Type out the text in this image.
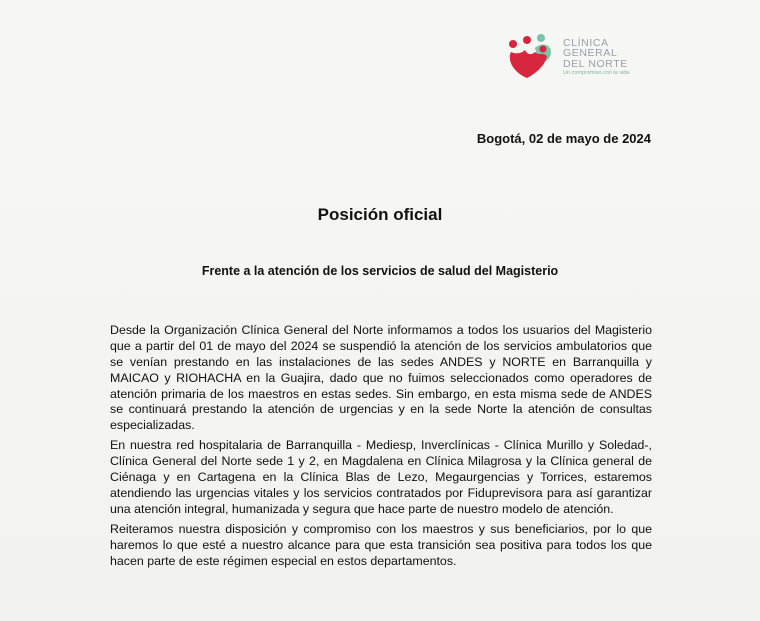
CLÍNICA
GENERAL
DEL NORTE
Un compromiso con la vida
Bogotá, 02 de mayo de 2024
Posición oficial
Frente a la atención de los servicios de salud del Magisterio

Desde la Organización Clínica General del Norte informamos a todos los usuarios del Magisterio que a partir del 01 de mayo del 2024 se suspendió la atención de los servicios ambulatorios que se venían prestando en las instalaciones de las sedes ANDES y NORTE en Barranquilla y MAICAO y RIOHACHA en la Guajira, dado que no fuimos seleccionados como operadores de atención primaria de los maestros en estas sedes. Sin embargo, en esta misma sede de ANDES se continuará prestando la atención de urgencias y en la sede Norte la atención de consultas especializadas.

En nuestra red hospitalaria de Barranquilla - Mediesp, Inverclínicas - Clínica Murillo y Soledad-, Clínica General del Norte sede 1 y 2, en Magdalena en Clínica Milagrosa y la Clínica general de Ciénaga y en Cartagena en la Clínica Blas de Lezo, Megaurgencias y Torrices, estaremos atendiendo las urgencias vitales y los servicios contratados por Fiduprevisora para así garantizar una atención integral, humanizada y segura que hace parte de nuestro modelo de atención.

Reiteramos nuestra disposición y compromiso con los maestros y sus beneficiarios, por lo que haremos lo que esté a nuestro alcance para que esta transición sea positiva para todos los que hacen parte de este régimen especial en estos departamentos.
